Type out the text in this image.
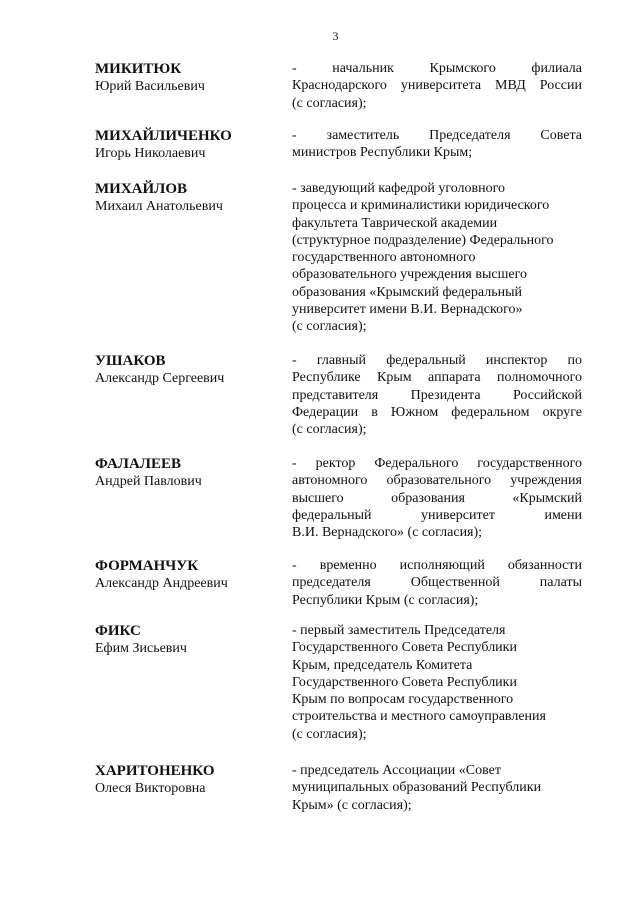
3
МИКИТЮК
Юрий Васильевич
- начальник Крымского филиала
Краснодарского университета МВД России
(с согласия);
МИХАЙЛИЧЕНКО
Игорь Николаевич
- заместитель Председателя Совета
министров Республики Крым;
МИХАЙЛОВ
Михаил Анатольевич
- заведующий кафедрой уголовного
процесса и криминалистики юридического
факультета Таврической академии
(структурное подразделение) Федерального
государственного автономного
образовательного учреждения высшего
образования «Крымский федеральный
университет имени В.И. Вернадского»
(с согласия);
УШАКОВ
Александр Сергеевич
- главный федеральный инспектор по
Республике Крым аппарата полномочного
представителя Президента Российской
Федерации в Южном федеральном округе
(с согласия);
ФАЛАЛЕЕВ
Андрей Павлович
- ректор Федерального государственного
автономного образовательного учреждения
высшего образования «Крымский
федеральный университет имени
В.И. Вернадского» (с согласия);
ФОРМАНЧУК
Александр Андреевич
- временно исполняющий обязанности
председателя Общественной палаты
Республики Крым (с согласия);
ФИКС
Ефим Зисьевич
- первый заместитель Председателя
Государственного Совета Республики
Крым, председатель Комитета
Государственного Совета Республики
Крым по вопросам государственного
строительства и местного самоуправления
(с согласия);
ХАРИТОНЕНКО
Олеся Викторовна
- председатель Ассоциации «Совет
муниципальных образований Республики
Крым» (с согласия);
